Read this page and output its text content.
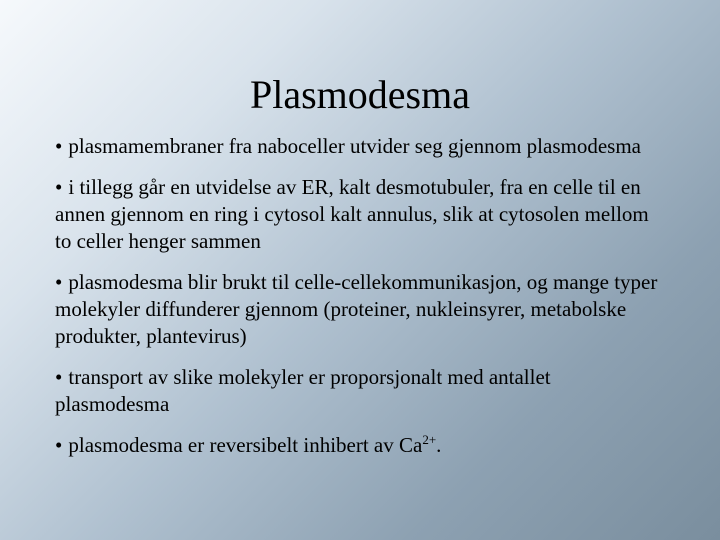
Plasmodesma
• plasmamembraner fra naboceller utvider seg gjennom plasmodesma
• i tillegg går en utvidelse av ER, kalt desmotubuler, fra en celle til en annen gjennom en ring i cytosol kalt annulus, slik at cytosolen mellom to celler henger sammen
• plasmodesma blir brukt til celle-cellekommunikasjon, og mange typer molekyler diffunderer gjennom (proteiner, nukleinsyrer, metabolske produkter, plantevirus)
• transport av slike molekyler er proporsjonalt med antallet plasmodesma
• plasmodesma er reversibelt inhibert av $Ca^{2+}$.
